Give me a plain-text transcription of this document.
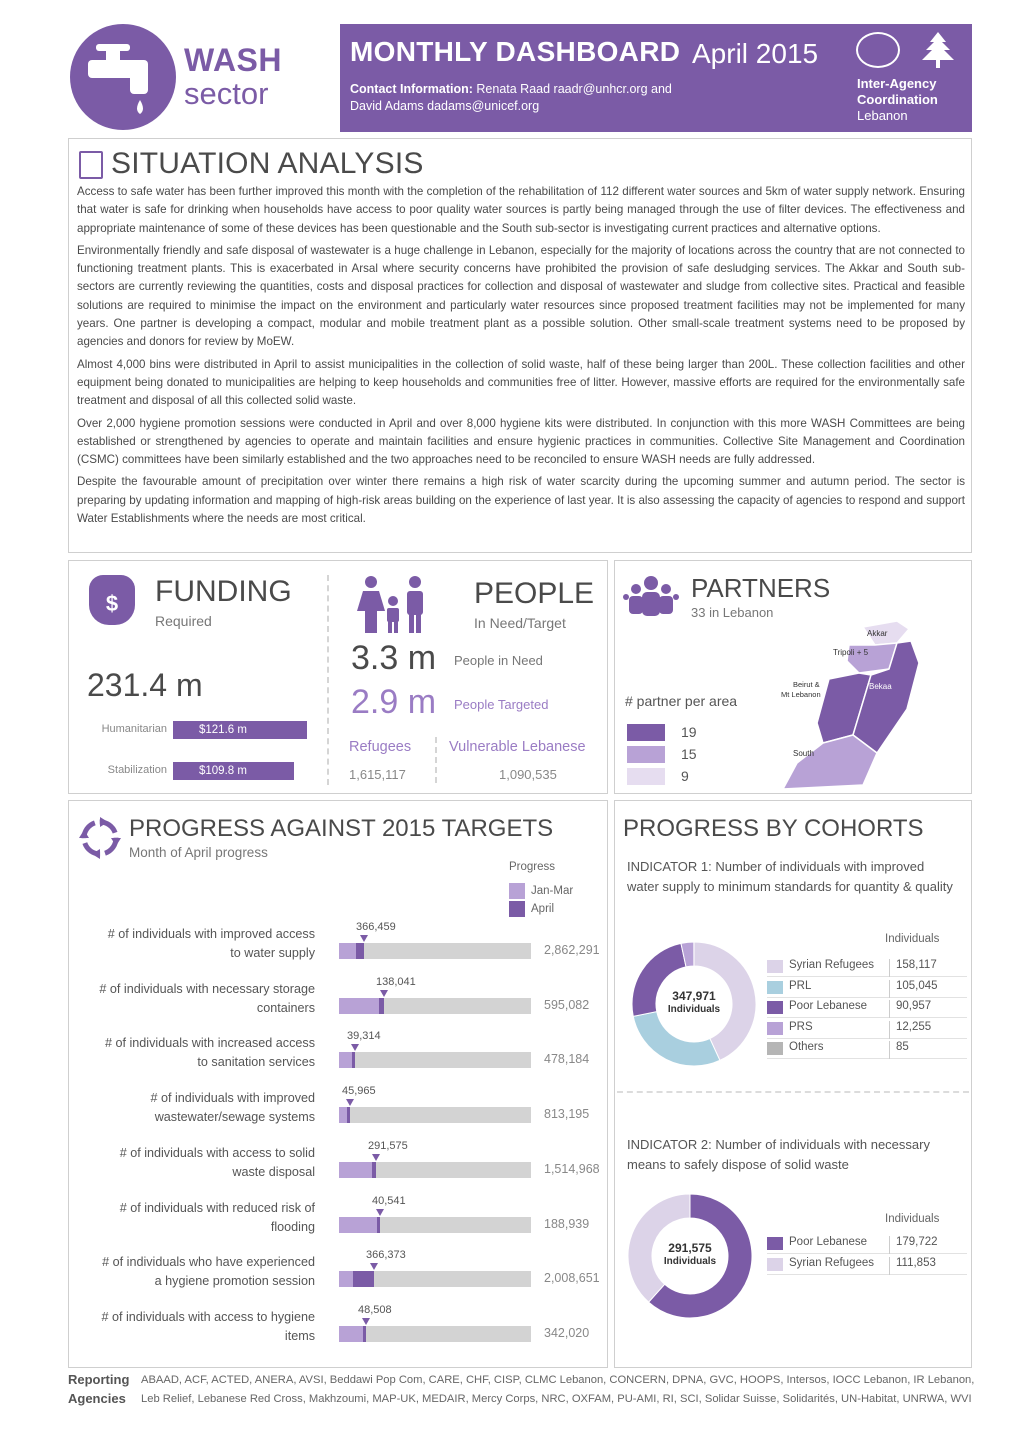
WASH
sector
MONTHLY DASHBOARD April 2015
Contact Information: Renata Raad raadr@unhcr.org and
David Adams dadams@unicef.org
Inter-Agency
Coordination
Lebanon
SITUATION ANALYSIS

Access to safe water has been further improved this month with the completion of the rehabilitation of 112 different water sources and 5km of water supply network. Ensuring that water is safe for drinking when households have access to poor quality water sources is partly being managed through the use of filter devices. The effectiveness and appropriate maintenance of some of these devices has been questionable and the South sub-sector is investigating current practices and alternative options.

Environmentally friendly and safe disposal of wastewater is a huge challenge in Lebanon, especially for the majority of locations across the country that are not connected to functioning treatment plants. This is exacerbated in Arsal where security concerns have prohibited the provision of safe desludging services. The Akkar and South sub-sectors are currently reviewing the quantities, costs and disposal practices for collection and disposal of wastewater and sludge from collective sites. Practical and feasible solutions are required to minimise the impact on the environment and particularly water resources since proposed treatment facilities may not be implemented for many years. One partner is developing a compact, modular and mobile treatment plant as a possible solution. Other small-scale treatment systems need to be proposed by agencies and donors for review by MoEW.

Almost 4,000 bins were distributed in April to assist municipalities in the collection of solid waste, half of these being larger than 200L. These collection facilities and other equipment being donated to municipalities are helping to keep households and communities free of litter. However, massive efforts are required for the environmentally safe treatment and disposal of all this collected solid waste.

Over 2,000 hygiene promotion sessions were conducted in April and over 8,000 hygiene kits were distributed. In conjunction with this more WASH Committees are being established or strengthened by agencies to operate and maintain facilities and ensure hygienic practices in communities. Collective Site Management and Coordination (CSMC) committees have been similarly established and the two approaches need to be reconciled to ensure WASH needs are fully addressed.

Despite the favourable amount of precipitation over winter there remains a high risk of water scarcity during the upcoming summer and autumn period. The sector is preparing by updating information and mapping of high-risk areas building on the experience of last year. It is also assessing the capacity of agencies to respond and support Water Establishments where the needs are most critical.

$	FUNDING
Required
231.4 m
Humanitarian	$121.6 m
Stabilization	$109.8 m
PEOPLE
In Need/Target
3.3 m People in Need
2.9 m People Targeted
Refugees
1,615,117
Vulnerable Lebanese
1,090,535
PARTNERS
33 in Lebanon
# partner per area
19
15
9
Akkar
Tripoli + 5
Beirut &
Mt Lebanon
Bekaa
South
PROGRESS AGAINST 2015 TARGETS
Month of April progress
Progress
Jan-Mar
April
# of individuals with improved access
to water supply
366,459
2,862,291
# of individuals with necessary storage
containers
138,041
595,082
# of individuals with increased access
to sanitation services
39,314
478,184
# of individuals with improved
wastewater/sewage systems
45,965
813,195
# of individuals with access to solid
waste disposal
291,575
1,514,968
# of individuals with reduced risk of
flooding
40,541
188,939
# of individuals who have experienced
a hygiene promotion session
366,373
2,008,651
# of individuals with access to hygiene
items
48,508
342,020
PROGRESS BY COHORTS
INDICATOR 1: Number of individuals with improved water supply to minimum standards for quantity & quality
Individuals
347,971
Individuals
Syrian Refugees	158,117
PRL	105,045
Poor Lebanese	90,957
PRS	12,255
Others	85
INDICATOR 2: Number of individuals with necessary means to safely dispose of solid waste
Individuals
291,575
Individuals
Poor Lebanese	179,722
Syrian Refugees	111,853
Reporting
Agencies
ABAAD, ACF, ACTED, ANERA, AVSI, Beddawi Pop Com, CARE, CHF, CISP, CLMC Lebanon, CONCERN, DPNA, GVC, HOOPS, Intersos, IOCC Lebanon, IR Lebanon,
Leb Relief, Lebanese Red Cross, Makhzoumi, MAP-UK, MEDAIR, Mercy Corps, NRC, OXFAM, PU-AMI, RI, SCI, Solidar Suisse, Solidarités, UN-Habitat, UNRWA, WVI
